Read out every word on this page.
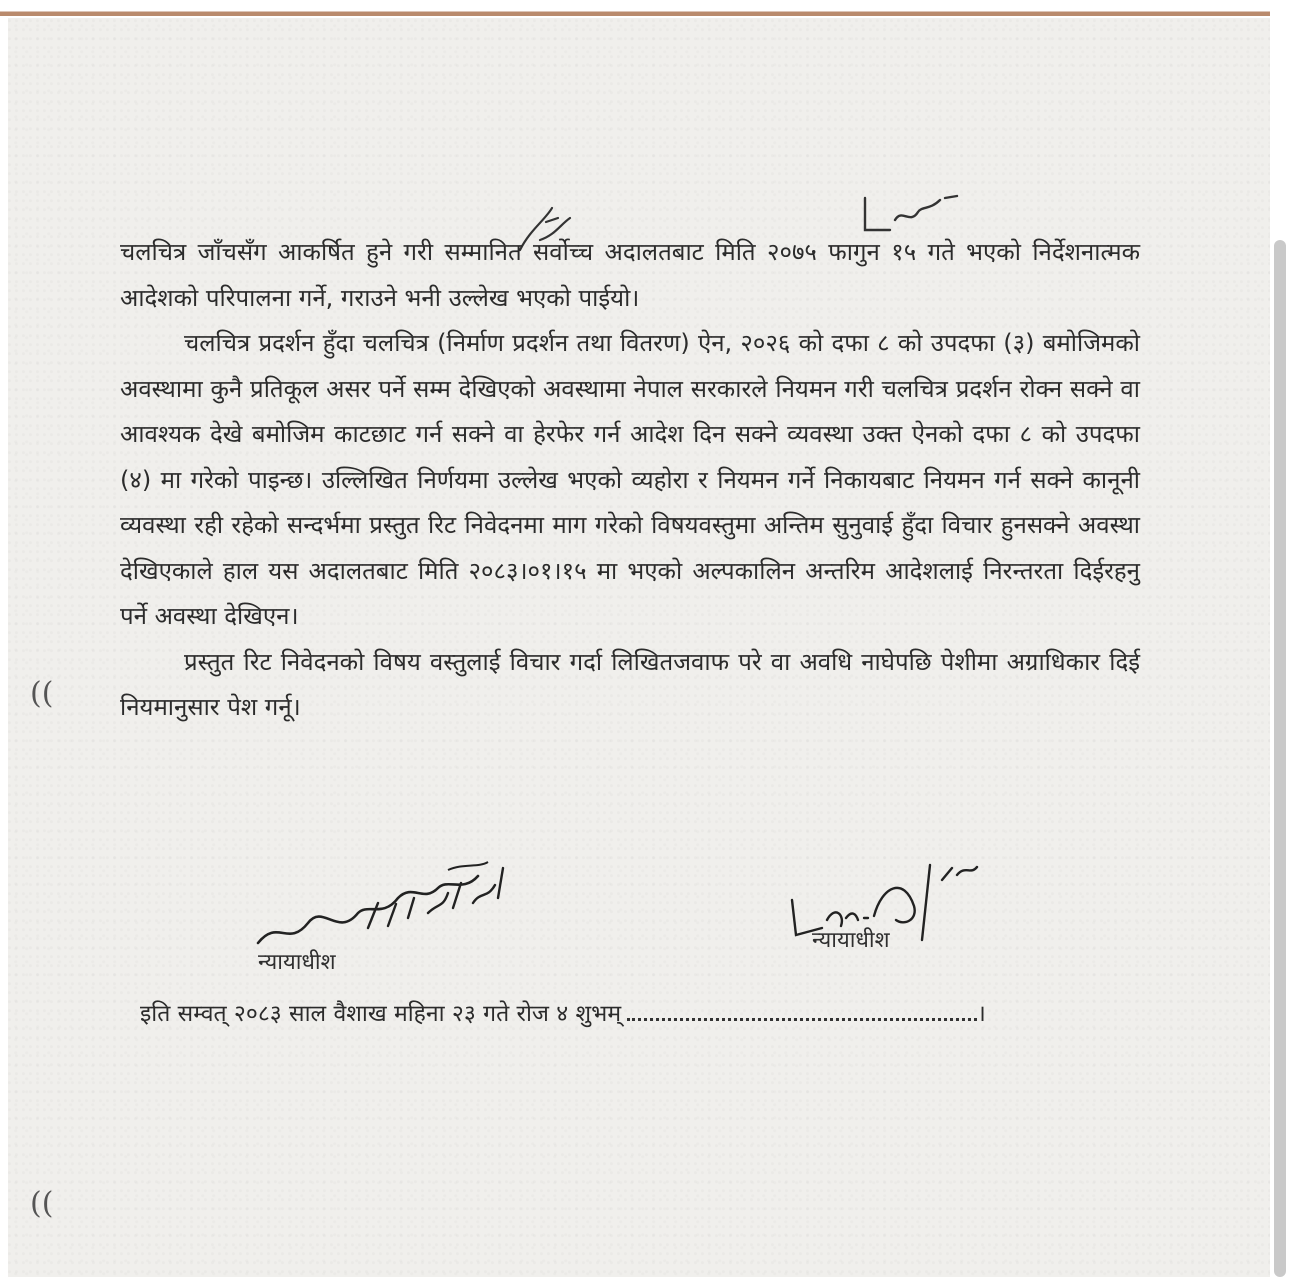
चलचित्र जाँचसँग आकर्षित हुने गरी सम्मानित सर्वोच्च अदालतबाट मिति २०७५ फागुन १५ गते भएको निर्देशनात्मक आदेशको परिपालना गर्ने, गराउने भनी उल्लेख भएको पाईयो।

चलचित्र प्रदर्शन हुँदा चलचित्र (निर्माण प्रदर्शन तथा वितरण) ऐन, २०२६ को दफा ८ को उपदफा (३) बमोजिमको अवस्थामा कुनै प्रतिकूल असर पर्ने सम्म देखिएको अवस्थामा नेपाल सरकारले नियमन गरी चलचित्र प्रदर्शन रोक्न सक्ने वा आवश्यक देखे बमोजिम काटछाट गर्न सक्ने वा हेरफेर गर्न आदेश दिन सक्ने व्यवस्था उक्त ऐनको दफा ८ को उपदफा (४) मा गरेको पाइन्छ। उल्लिखित निर्णयमा उल्लेख भएको व्यहोरा र नियमन गर्ने निकायबाट नियमन गर्न सक्ने कानूनी व्यवस्था रही रहेको सन्दर्भमा प्रस्तुत रिट निवेदनमा माग गरेको विषयवस्तुमा अन्तिम सुनुवाई हुँदा विचार हुनसक्ने अवस्था देखिएकाले हाल यस अदालतबाट मिति २०८३।०१।१५ मा भएको अल्पकालिन अन्तरिम आदेशलाई निरन्तरता दिईरहनु पर्ने अवस्था देखिएन।

प्रस्तुत रिट निवेदनको विषय वस्तुलाई विचार गर्दा लिखितजवाफ परे वा अवधि नाघेपछि पेशीमा अग्राधिकार दिई नियमानुसार पेश गर्नू।

न्यायाधीश
न्यायाधीश
इति सम्वत् २०८३ साल वैशाख महिना २३ गते रोज ४ शुभम्	।
((
((
